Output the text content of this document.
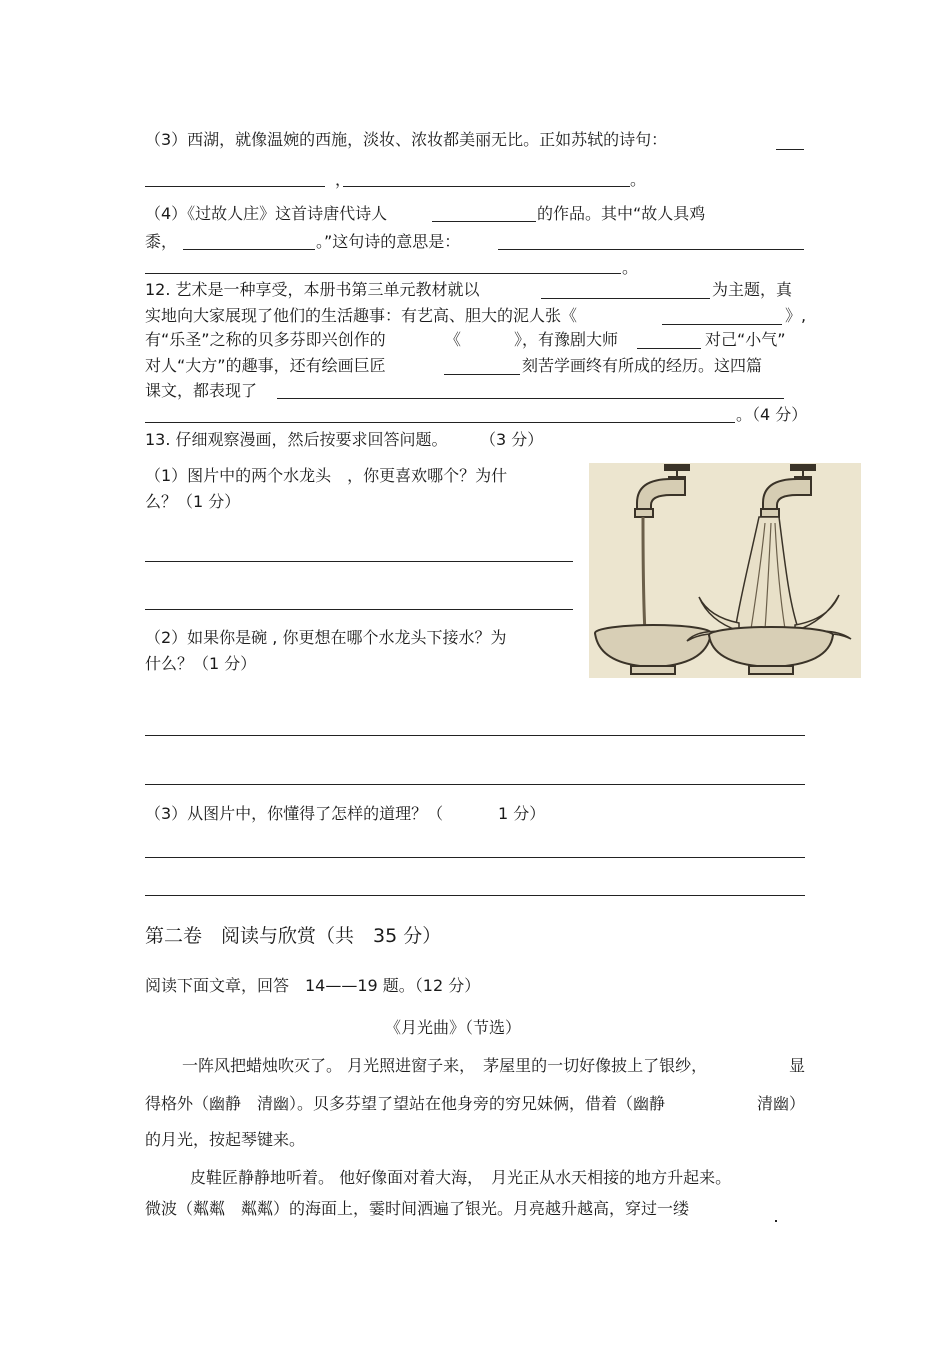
（3）西湖，就像温婉的西施，淡妆、浓妆都美丽无比。正如苏轼的诗句：
，	。
（4）《过故人庄》这首诗唐代诗人	的作品。其中“故人具鸡
黍，	。”这句诗的意思是：
。
12. 艺术是一种享受，本册书第三单元教材就以	为主题，真
实地向大家展现了他们的生活趣事：有艺高、胆大的泥人张《	》,
有“乐圣”之称的贝多芬即兴创作的	《	》，有豫剧大师	对己“小气”
对人“大方”的趣事，还有绘画巨匠	刻苦学画终有所成的经历。这四篇
课文，都表现了
。（4 分）
13. 仔细观察漫画，然后按要求回答问题。 （3 分）
（1）图片中的两个水龙头　，你更喜欢哪个？为什
么？（1 分）
（2）如果你是碗 , 你更想在哪个水龙头下接水？为
什么？（1 分）
（3）从图片中，你懂得了怎样的道理？（	1 分）
第二卷　阅读与欣赏（共　35 分）
阅读下面文章，回答　14——19 题。（12 分）
《月光曲》（节选）
一阵风把蜡烛吹灭了。 月光照进窗子来，　茅屋里的一切好像披上了银纱，	显
得格外（幽静　清幽）。贝多芬望了望站在他身旁的穷兄妹俩，借着（幽静	清幽）
的月光，按起琴键来。
皮鞋匠静静地听着。 他好像面对着大海，　月光正从水天相接的地方升起来。
微波（粼粼　粼粼）的海面上，霎时间洒遍了银光。月亮越升越高，穿过一缕
